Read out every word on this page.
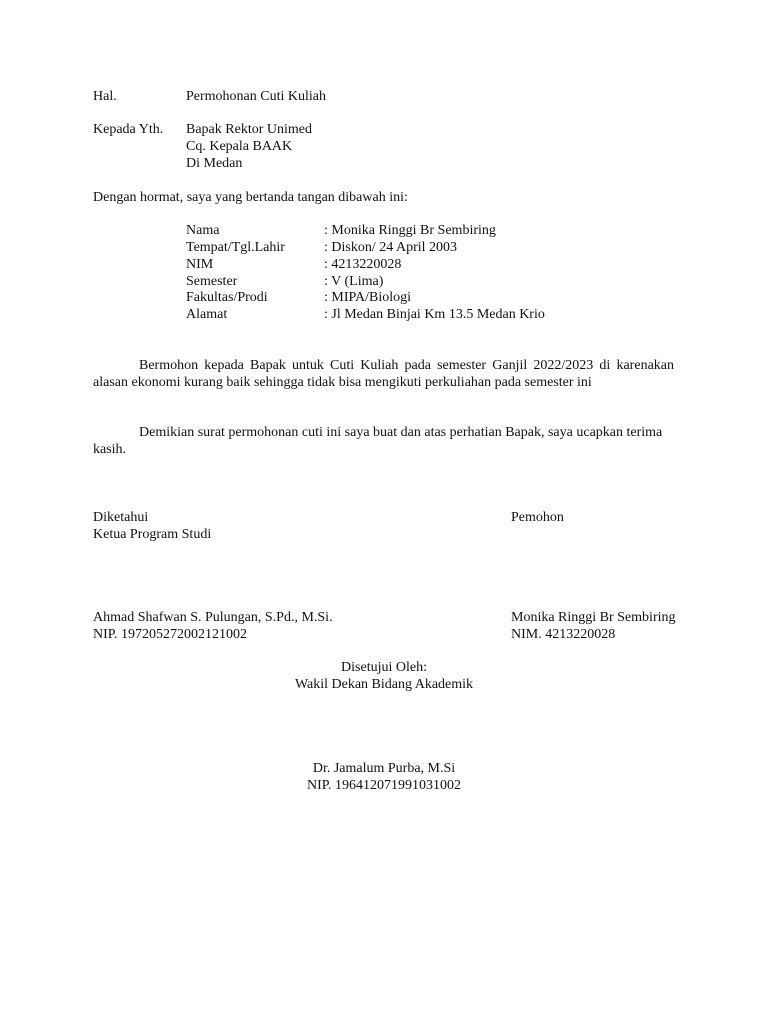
Hal.	Permohonan Cuti Kuliah
Kepada Yth. Bapak Rektor Unimed
Cq. Kepala BAAK
Di Medan
Dengan hormat, saya yang bertanda tangan dibawah ini:
Nama	: Monika Ringgi Br Sembiring
Tempat/Tgl.Lahir	: Diskon/ 24 April 2003
NIM	: 4213220028
Semester	: V (Lima)
Fakultas/Prodi	: MIPA/Biologi
Alamat	: Jl Medan Binjai Km 13.5 Medan Krio
Bermohon kepada Bapak untuk Cuti Kuliah pada semester Ganjil 2022/2023 di karenakan alasan ekonomi kurang baik sehingga tidak bisa mengikuti perkuliahan pada semester ini
Demikian surat permohonan cuti ini saya buat dan atas perhatian Bapak, saya ucapkan terima kasih.
Diketahui
Ketua Program Studi
Ahmad Shafwan S. Pulungan, S.Pd., M.Si.
NIP. 197205272002121002
Pemohon
Monika Ringgi Br Sembiring
NIM. 4213220028
Disetujui Oleh:
Wakil Dekan Bidang Akademik
Dr. Jamalum Purba, M.Si
NIP. 196412071991031002
